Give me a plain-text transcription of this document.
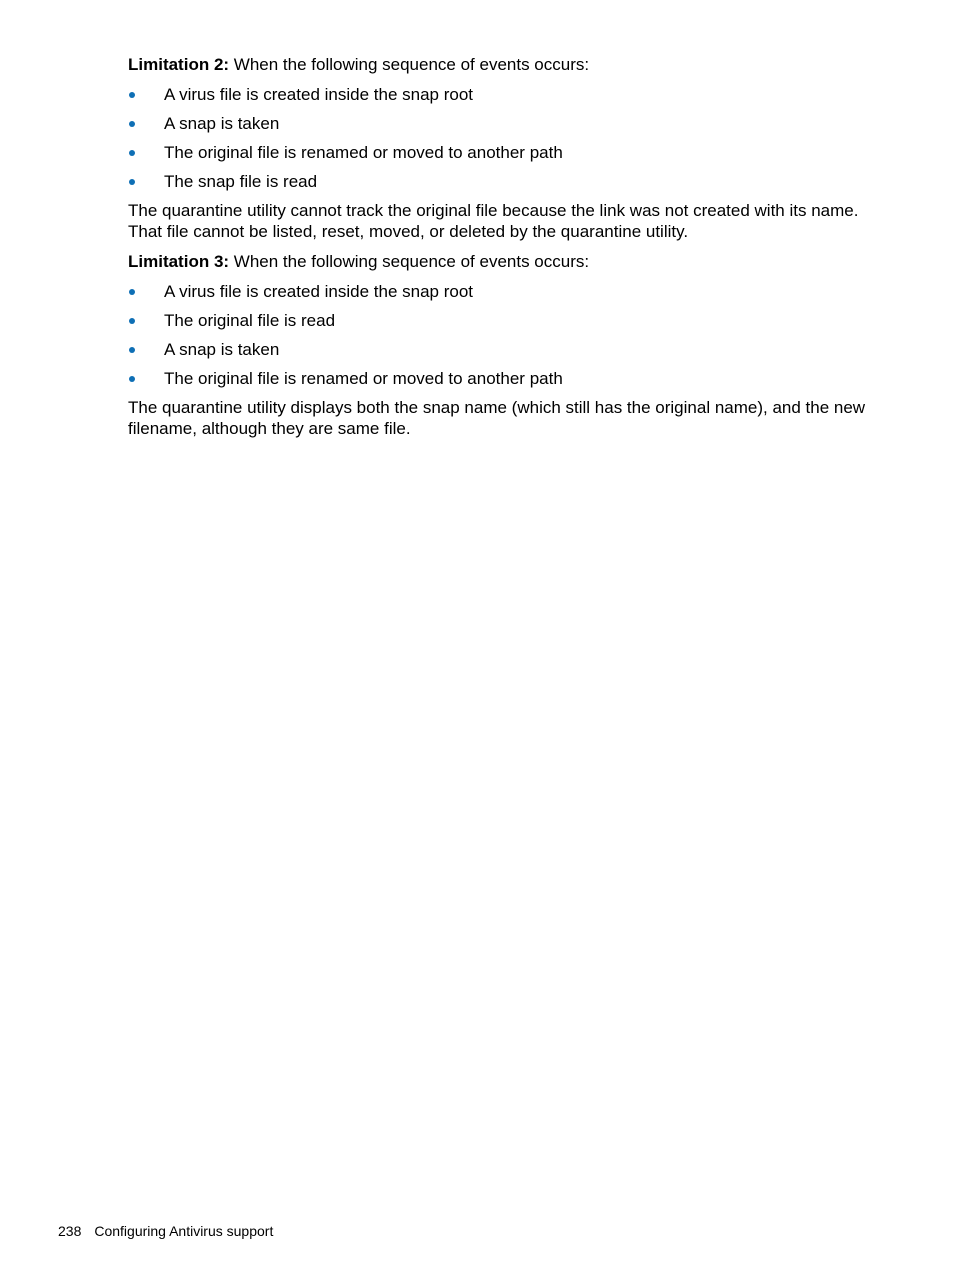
Limitation 2: When the following sequence of events occurs:

A virus file is created inside the snap root
A snap is taken
The original file is renamed or moved to another path
The snap file is read

The quarantine utility cannot track the original file because the link was not created with its name. That file cannot be listed, reset, moved, or deleted by the quarantine utility.

Limitation 3: When the following sequence of events occurs:

A virus file is created inside the snap root
The original file is read
A snap is taken
The original file is renamed or moved to another path

The quarantine utility displays both the snap name (which still has the original name), and the new filename, although they are same file.

238 Configuring Antivirus support
